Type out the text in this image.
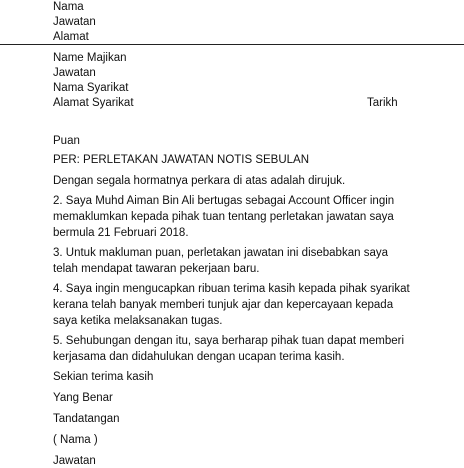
Nama
Jawatan
Alamat
Name Majikan
Jawatan
Nama Syarikat
Alamat Syarikat	Tarikh
Puan
PER: PERLETAKAN JAWATAN NOTIS SEBULAN
Dengan segala hormatnya perkara di atas adalah dirujuk.
2. Saya Muhd Aiman Bin Ali bertugas sebagai Account Officer ingin
memaklumkan kepada pihak tuan tentang perletakan jawatan saya
bermula 21 Februari 2018.
3. Untuk makluman puan, perletakan jawatan ini disebabkan saya
telah mendapat tawaran pekerjaan baru.
4. Saya ingin mengucapkan ribuan terima kasih kepada pihak syarikat
kerana telah banyak memberi tunjuk ajar dan kepercayaan kepada
saya ketika melaksanakan tugas.
5. Sehubungan dengan itu, saya berharap pihak tuan dapat memberi
kerjasama dan didahulukan dengan ucapan terima kasih.
Sekian terima kasih
Yang Benar
Tandatangan
( Nama )
Jawatan
